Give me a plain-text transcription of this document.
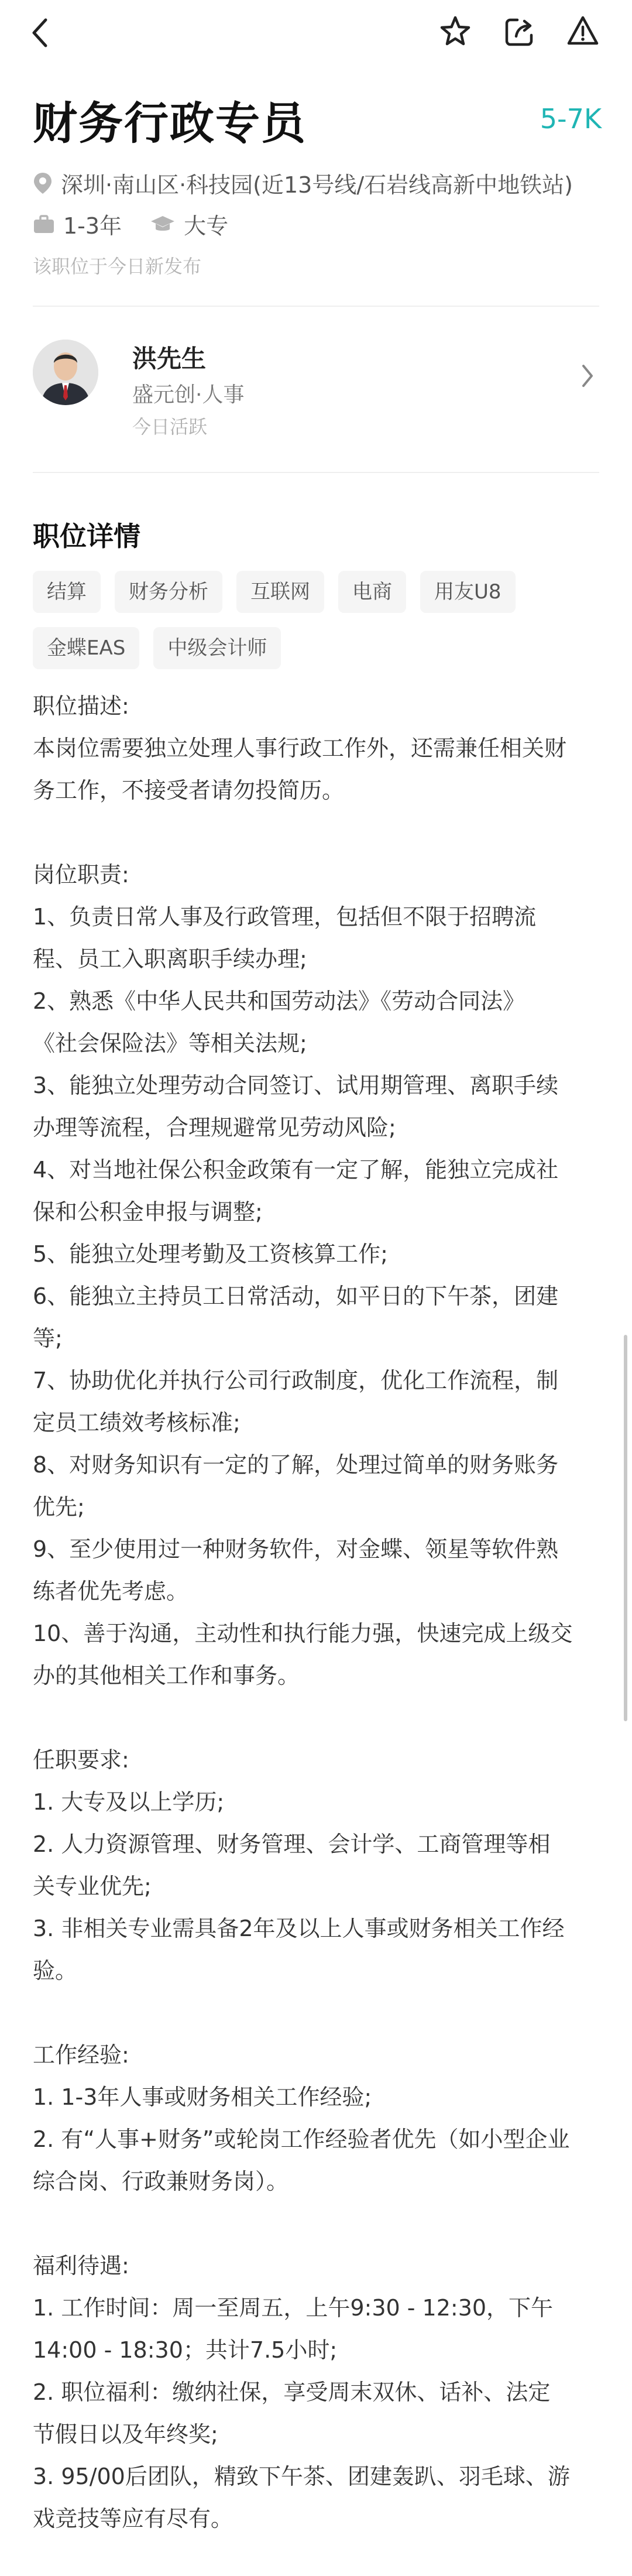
财务行政专员	5-7K
深圳·南山区·科技园(近13号线/石岩线高新中地铁站)
1-3年	大专
该职位于今日新发布
洪先生
盛元创·人事
今日活跃
职位详情
结算	财务分析	互联网	电商	用友U8
金蝶EAS	中级会计师
职位描述:
本岗位需要独立处理人事行政工作外，还需兼任相关财
务工作，不接受者请勿投简历。
岗位职责:
1、负责日常人事及行政管理，包括但不限于招聘流
程、员工入职离职手续办理;
2、熟悉《中华人民共和国劳动法》《劳动合同法》
《社会保险法》等相关法规;
3、能独立处理劳动合同签订、试用期管理、离职手续
办理等流程，合理规避常见劳动风险;
4、对当地社保公积金政策有一定了解，能独立完成社
保和公积金申报与调整;
5、能独立处理考勤及工资核算工作;
6、能独立主持员工日常活动，如平日的下午茶，团建
等;
7、协助优化并执行公司行政制度，优化工作流程，制
定员工绩效考核标准;
8、对财务知识有一定的了解，处理过简单的财务账务
优先;
9、至少使用过一种财务软件，对金蝶、领星等软件熟
练者优先考虑。
10、善于沟通，主动性和执行能力强，快速完成上级交
办的其他相关工作和事务。
任职要求:
1. 大专及以上学历;
2. 人力资源管理、财务管理、会计学、工商管理等相
关专业优先;
3. 非相关专业需具备2年及以上人事或财务相关工作经
验。
工作经验:
1. 1-3年人事或财务相关工作经验;
2. 有“人事+财务”或轮岗工作经验者优先（如小型企业
综合岗、行政兼财务岗）。
福利待遇:
1. 工作时间：周一至周五，上午9:30 - 12:30，下午
14:00 - 18:30；共计7.5小时;
2. 职位福利：缴纳社保，享受周末双休、话补、法定
节假日以及年终奖;
3. 95/00后团队，精致下午茶、团建轰趴、羽毛球、游
戏竞技等应有尽有。
